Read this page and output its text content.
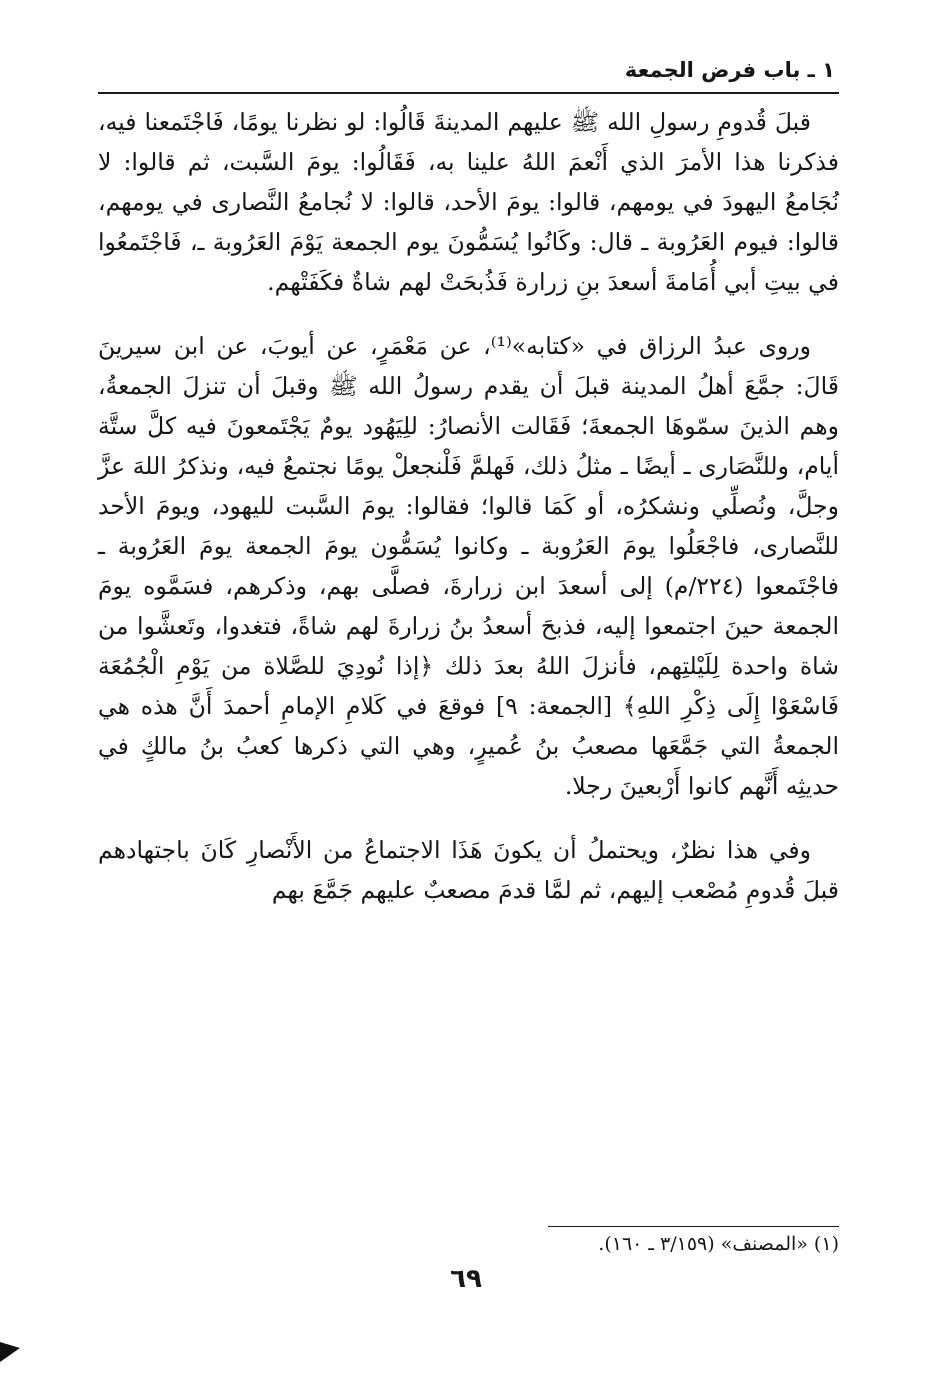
١ ـ باب فرض الجمعة

قبلَ قُدومِ رسولِ الله ﷺ عليهم المدينةَ قَالُوا: لو نظرنا يومًا، فَاجْتَمعنا فيه، فذكرنا هذا الأمرَ الذي أَنْعمَ اللهُ علينا به، فَقَالُوا: يومَ السَّبت، ثم قالوا: لا نُجَامعُ اليهودَ في يومهم، قالوا: يومَ الأحد، قالوا: لا نُجامعُ النَّصارى في يومهم، قالوا: فيوم العَرُوبة ـ قال: وكَانُوا يُسَمُّونَ يوم الجمعة يَوْمَ العَرُوبة ـ، فَاجْتَمعُوا في بيتِ أبي أُمَامةَ أسعدَ بنِ زرارة فَذُبحَتْ لهم شاةٌ فكَفَتْهم.

وروى عبدُ الرزاق في «كتابه»⁽¹⁾، عن مَعْمَرٍ، عن أيوبَ، عن ابن سيرينَ قَالَ: جمَّعَ أهلُ المدينة قبلَ أن يقدم رسولُ الله ﷺ وقبلَ أن تنزلَ الجمعةُ، وهم الذينَ سمّوهَا الجمعةَ؛ فَقَالت الأنصارُ: للِيَهُود يومٌ يَجْتَمعونَ فيه كلَّ ستَّة أيام، وللنَّصَارى ـ أيضًا ـ مثلُ ذلك، فَهلمَّ فَلْنجعلْ يومًا نجتمعُ فيه، ونذكرُ اللهَ عزَّ وجلَّ، ونُصلِّي ونشكرُه، أو كَمَا قالوا؛ فقالوا: يومَ السَّبت لليهود، ويومَ الأحد للنَّصارى، فاجْعَلُوا يومَ العَرُوبة ـ وكانوا يُسَمُّون يومَ الجمعة يومَ العَرُوبة ـ فاجْتَمعوا (٢٢٤/م) إلى أسعدَ ابن زرارةَ، فصلَّى بهم، وذكرهم، فسَمَّوه يومَ الجمعة حينَ اجتمعوا إليه، فذبحَ أسعدُ بنُ زرارةَ لهم شاةً، فتغدوا، وتَعشَّوا من شاة واحدة لِلَيْلتِهم، فأنزلَ اللهُ بعدَ ذلك ﴿إذا نُودِيَ للصَّلاة من يَوْمِ الْجُمُعَة فَاسْعَوْا إِلَى ذِكْرِ اللهِ﴾ [الجمعة: ٩] فوقعَ في كَلامِ الإمامِ أحمدَ أَنَّ هذه هي الجمعةُ التي جَمَّعَها مصعبُ بنُ عُميرٍ، وهي التي ذكرها كعبُ بنُ مالكٍ في حديثِه أَنَّهم كانوا أَرْبعينَ رجلا.

وفي هذا نظرٌ، ويحتملُ أن يكونَ هَذَا الاجتماعُ من الأَنْصارِ كَانَ باجتهادهم قبلَ قُدومِ مُصْعب إليهم، ثم لمَّا قدمَ مصعبٌ عليهم جَمَّعَ بهم

(١) «المصنف» (٣/١٥٩ ـ ١٦٠).
٦٩
